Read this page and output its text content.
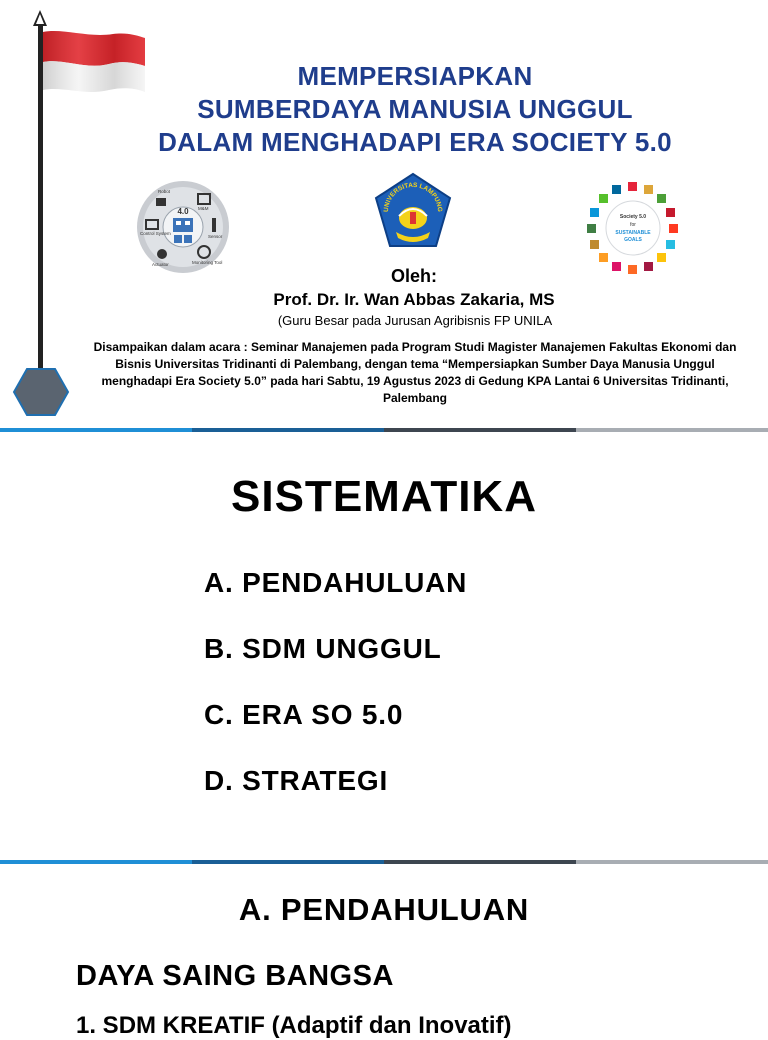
MEMPERSIAPKAN
SUMBERDAYA MANUSIA UNGGUL
DALAM MENGHADAPI ERA SOCIETY 5.0
4.0
Robot
M&M
Control System
Sensor
Actuator	Monitoring Tool
UNIVERSITAS LAMPUNG
Society 5.0
for
SUSTAINABLE
GOALS
Oleh:
Prof. Dr. Ir. Wan Abbas Zakaria, MS
(Guru Besar pada Jurusan Agribisnis FP UNILA
Disampaikan dalam acara : Seminar Manajemen pada Program Studi Magister Manajemen Fakultas Ekonomi dan
Bisnis Universitas Tridinanti di Palembang, dengan tema “Mempersiapkan Sumber Daya Manusia Unggul
menghadapi Era Society 5.0” pada hari Sabtu, 19 Agustus 2023 di Gedung KPA Lantai 6 Universitas Tridinanti,
Palembang
SISTEMATIKA
A. PENDAHULUAN
B. SDM UNGGUL
C. ERA SO 5.0
D. STRATEGI
A. PENDAHULUAN
DAYA SAING BANGSA
1. SDM KREATIF (Adaptif dan Inovatif)
